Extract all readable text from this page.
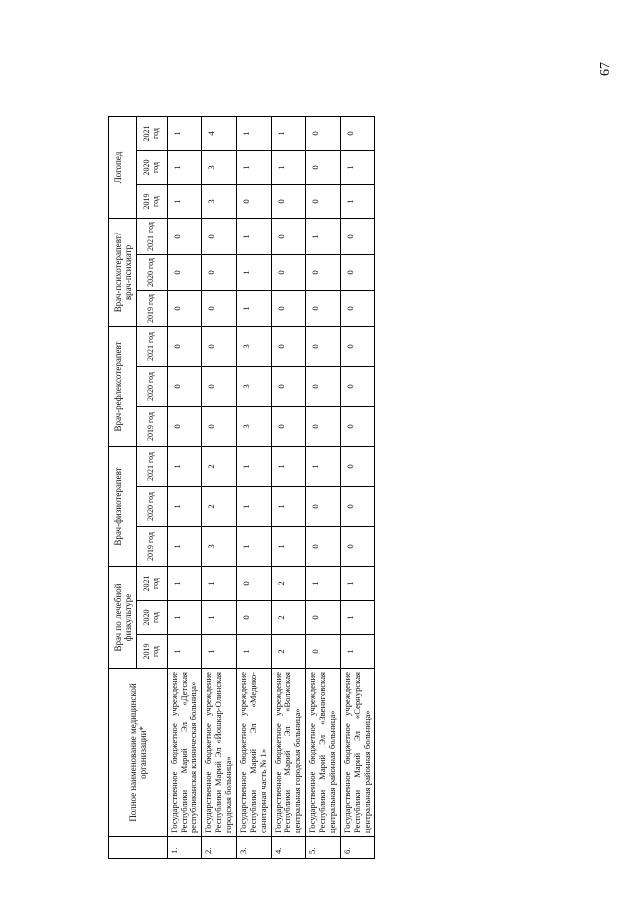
67
	Полное наименование медицинской организации*	Врач по лечебной физкультуре			Врач-физиотерапевт			Врач-рефлексотерапевт			Врач-психотерапевт/ врач-психиатр			Логопед		
		2019 год	2020 год	2021 год	2019 год	2020 год	2021 год	2019 год	2020 год	2021 год	2019 год	2020 год	2021 год	2019 год	2020 год	2021 год
1.	Государственное бюджетное учреждение Республики Марий Эл «Детская республиканская клиническая больница»	1	1	1	1	1	1	0	0	0	0	0	0	1	1	1
2.	Государственное бюджетное учреждение Республики Марий Эл «Йошкар-Олинская городская больница»	1	1	1	3	2	2	0	0	0	0	0	0	3	3	4
3.	Государственное бюджетное учреждение Республики Марий Эл «Медико-санитарная часть № 1»	1	0	0	1	1	1	3	3	3	1	1	1	0	1	1
4.	Государственное бюджетное учреждение Республики Марий Эл «Волжская центральная городская больница»	2	2	2	1	1	1	0	0	0	0	0	0	0	1	1
5.	Государственное бюджетное учреждение Республики Марий Эл «Звениговская центральная районная больница»	0	0	1	0	0	1	0	0	0	0	0	1	0	0	0
6.	Государственное бюджетное учреждение Республики Марий Эл «Сернурская центральная районная больница»	1	1	1	0	0	0	0	0	0	0	0	0	1	1	0
